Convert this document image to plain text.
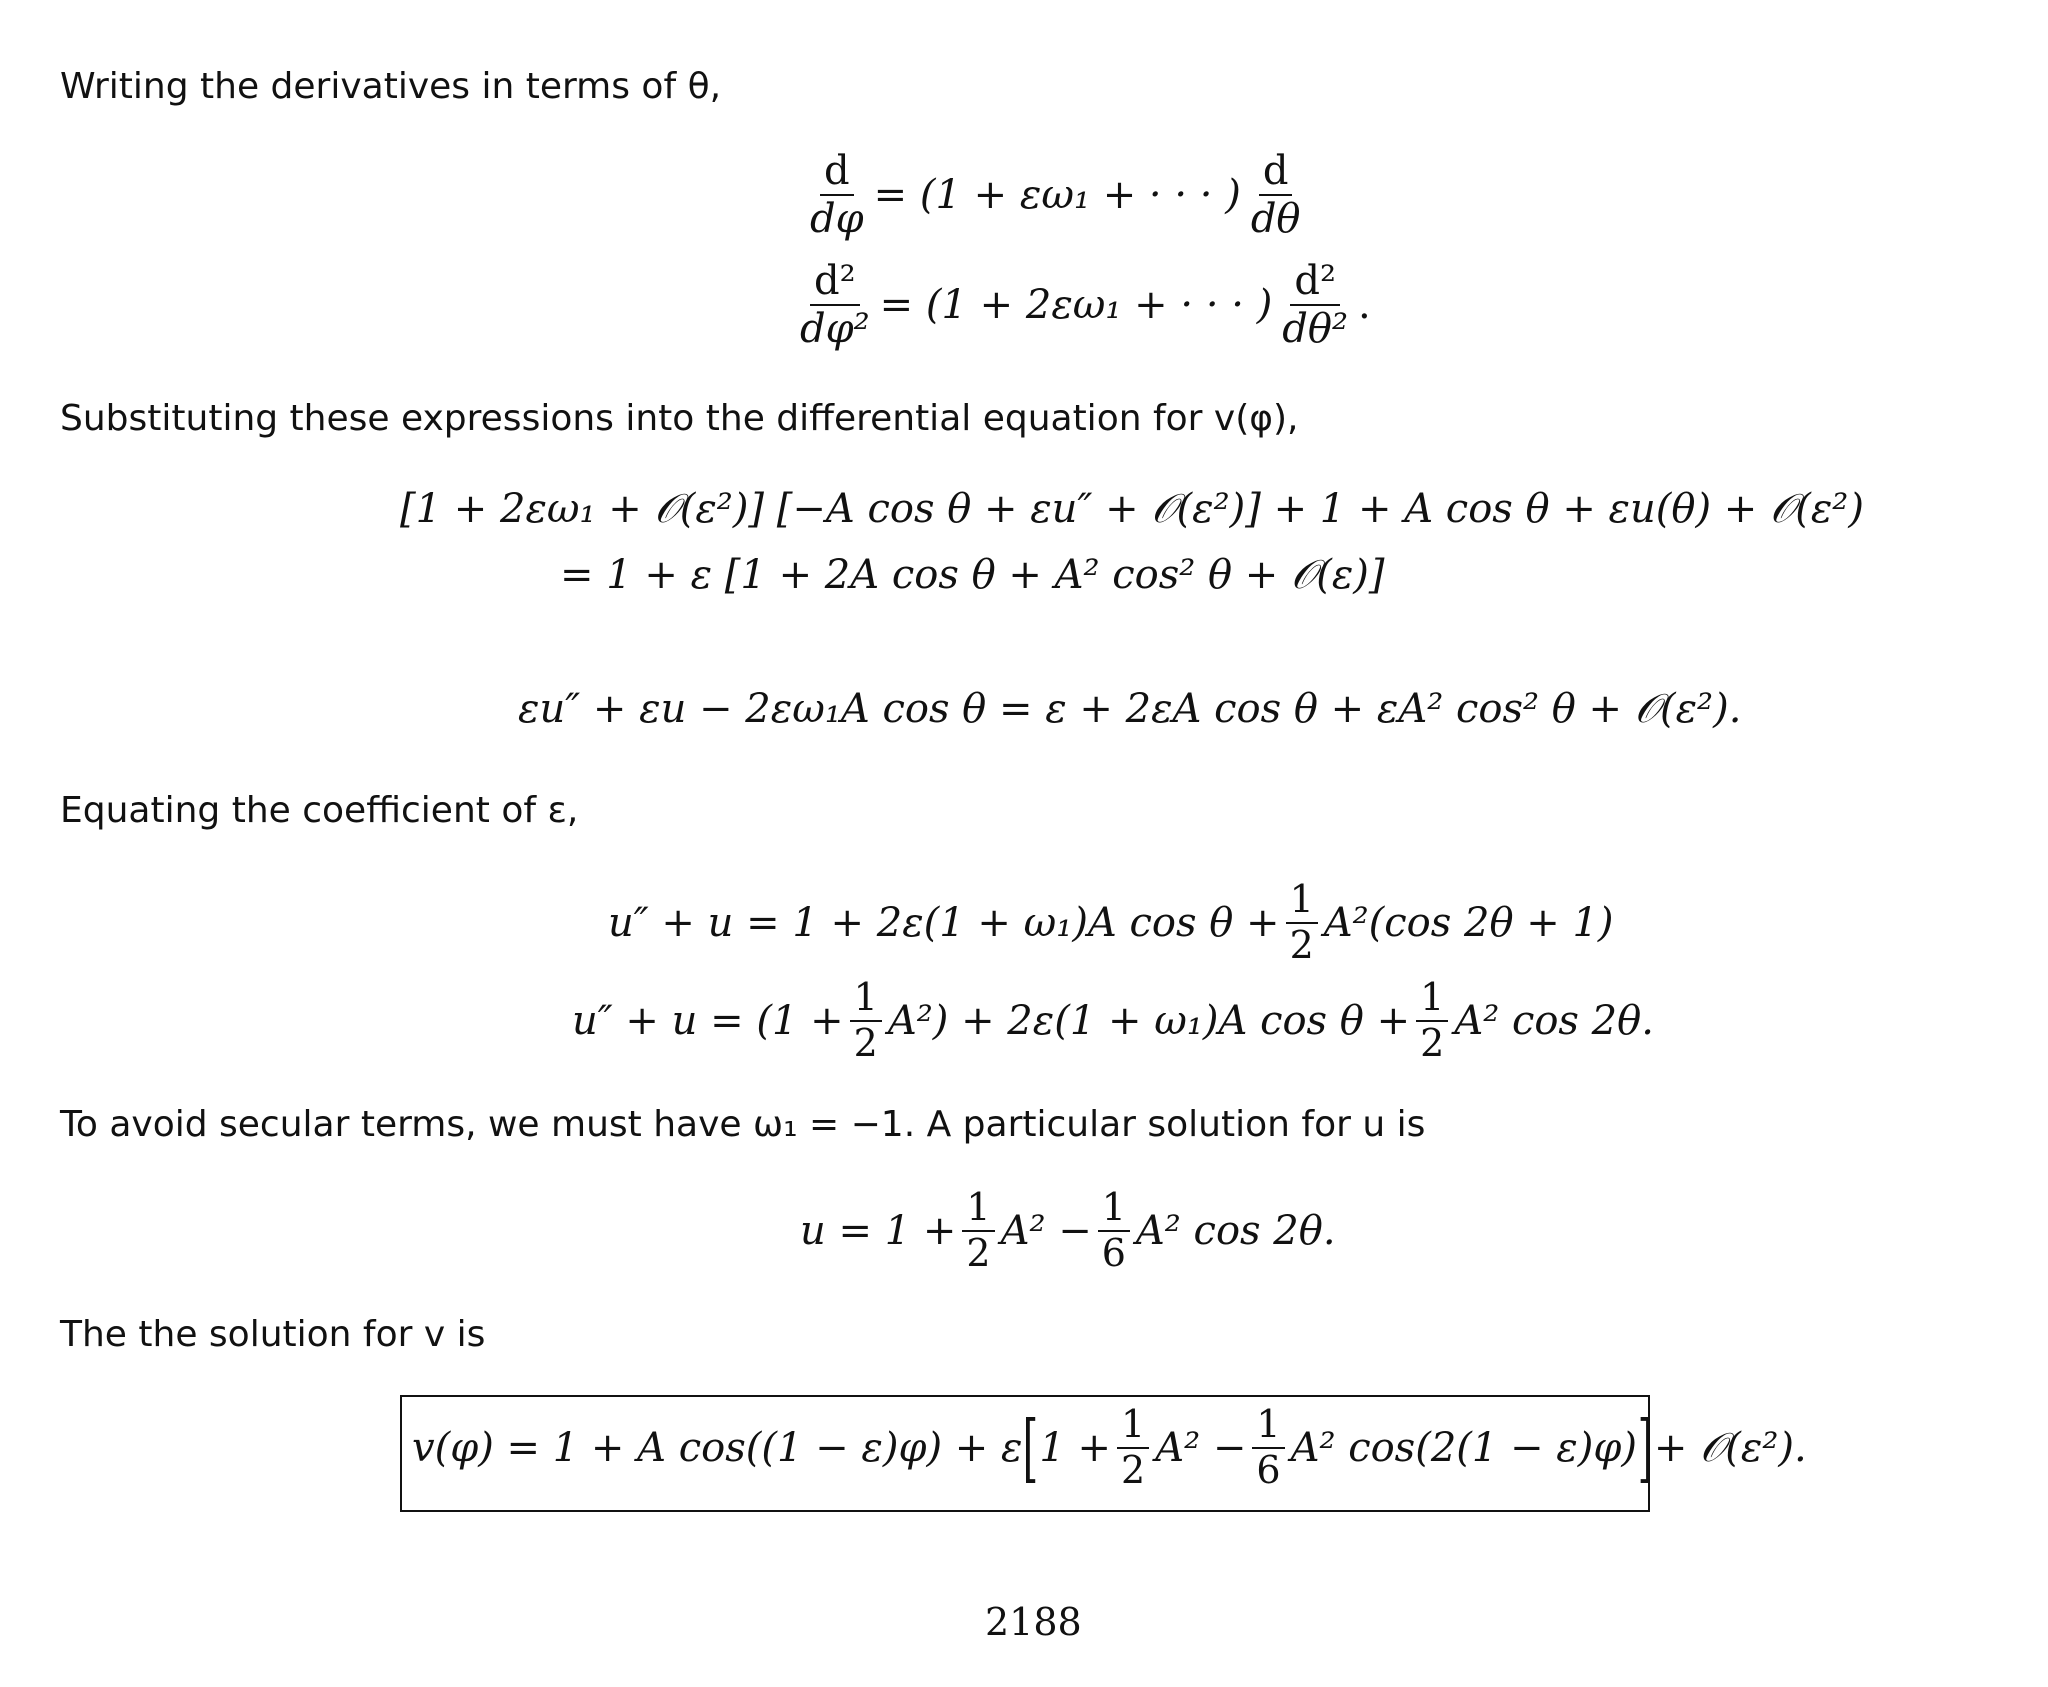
Writing the derivatives in terms of θ,
$\frac{d}{d\varphi} = (1 + \varepsilon\omega_1$ + · · · ) $\frac{d}{d\theta}$
$\frac{\text{d²}}{\text{dφ²}} = (1 + 2\varepsilon\omega_1$ + · · · ) $\frac{\text{d²}}{\text{dθ²}}$ .
Substituting these expressions into the differential equation for v(φ),
[1 + 2εω₁ + 𝒪(ε²)] [−A cos θ + εu″ + 𝒪(ε²)] + 1 + A cos θ + εu(θ) + 𝒪(ε²)
= 1 + ε [1 + 2A cos θ + A² cos² θ + 𝒪(ε)]
εu″ + εu − 2εω₁A cos θ = ε + 2εA cos θ + εA² cos² θ + 𝒪(ε²).
Equating the coefficient of ε,
u″ + u = 1 + 2ε(1 + ω₁)A $\cos \theta + \frac{1}{2} A^2(\cos$ 2θ + 1)
$u'' + u = (1 + \frac{1}{2} A^2) + 2\varepsilon(1 + \omega_1)A$ $\cos \theta + \frac{1}{2} A^2$ cos 2θ.
To avoid secular terms, we must have ω₁ = −1. A particular solution for u is
$u = 1 + \frac{1}{2} A^2 - \frac{1}{6} A^2$ cos 2θ.
The the solution for v is
v(φ) = 1 + A cos((1 − ε)φ) + ε [ $1 + \frac{1}{2} A^2 - \frac{1}{6} A^2$ cos(2(1 − ε)φ) ] + 𝒪(ε²).
2188
